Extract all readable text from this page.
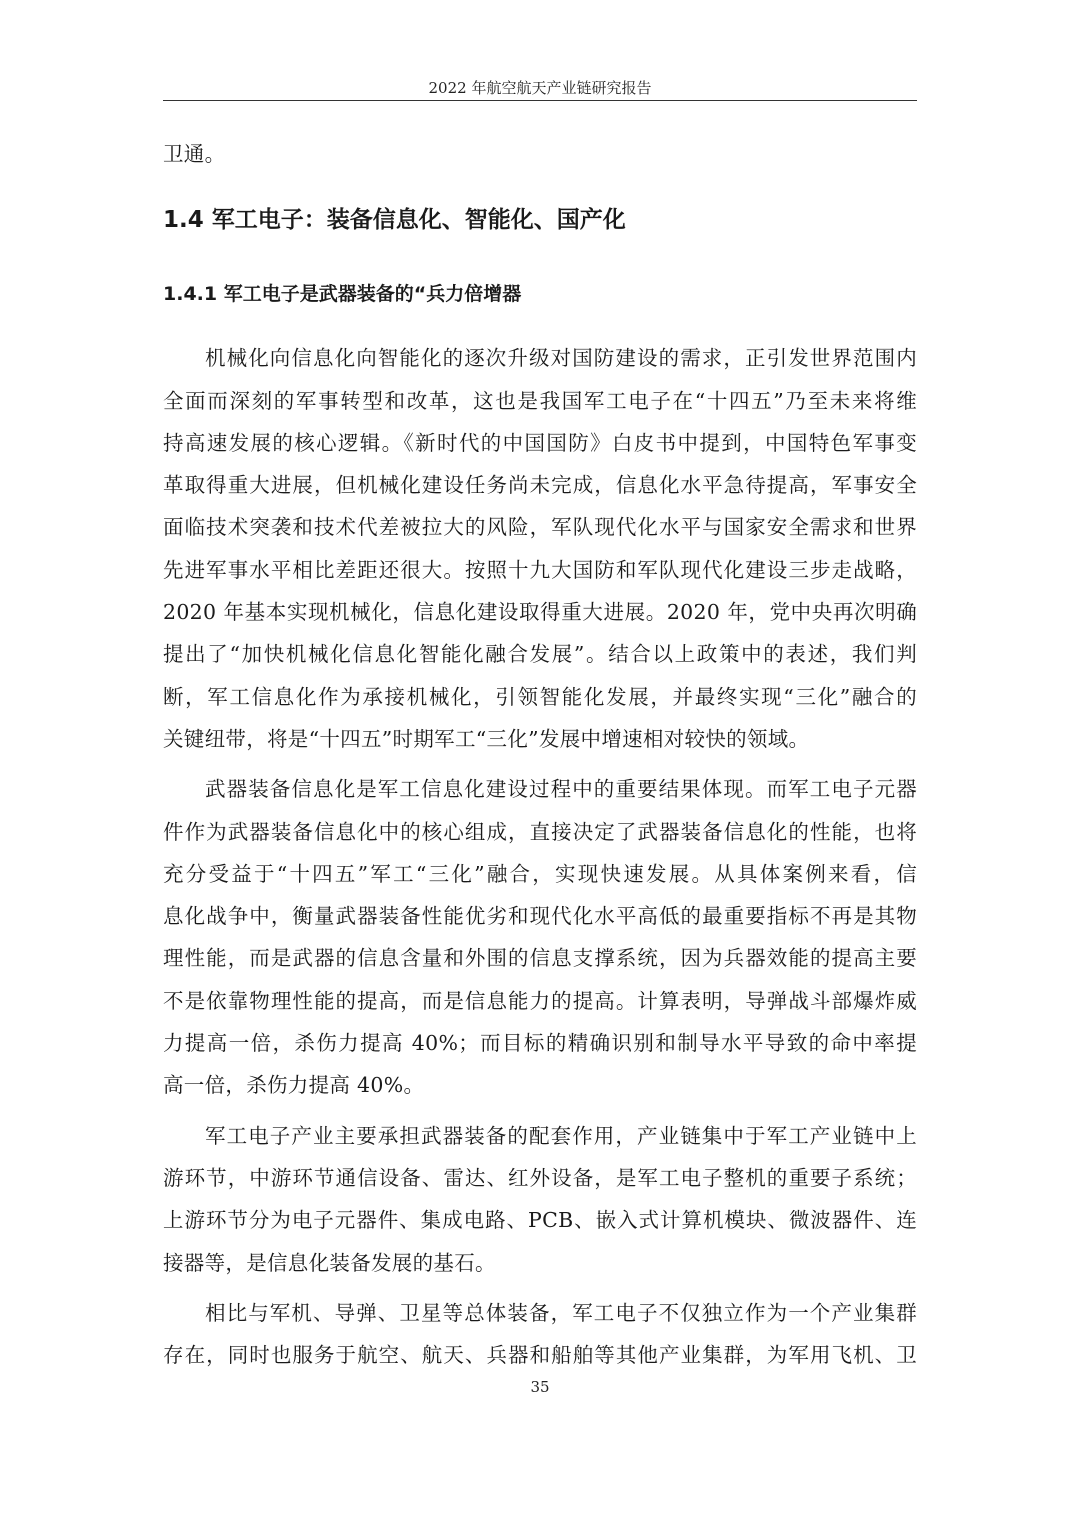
2022 年航空航天产业链研究报告
卫通。
1.4 军工电子：装备信息化、智能化、国产化
1.4.1 军工电子是武器装备的“兵力倍增器
机械化向信息化向智能化的逐次升级对国防建设的需求，正引发世界范围内
全面而深刻的军事转型和改革，这也是我国军工电子在“十四五”乃至未来将维
持高速发展的核心逻辑。《新时代的中国国防》白皮书中提到，中国特色军事变
革取得重大进展，但机械化建设任务尚未完成，信息化水平急待提高，军事安全
面临技术突袭和技术代差被拉大的风险，军队现代化水平与国家安全需求和世界
先进军事水平相比差距还很大。按照十九大国防和军队现代化建设三步走战略，
2020 年基本实现机械化，信息化建设取得重大进展。2020 年，党中央再次明确
提出了“加快机械化信息化智能化融合发展”。结合以上政策中的表述，我们判
断，军工信息化作为承接机械化，引领智能化发展，并最终实现“三化”融合的
关键纽带，将是“十四五”时期军工“三化”发展中增速相对较快的领域。
武器装备信息化是军工信息化建设过程中的重要结果体现。而军工电子元器
件作为武器装备信息化中的核心组成，直接决定了武器装备信息化的性能，也将
充分受益于“十四五”军工“三化”融合，实现快速发展。从具体案例来看，信
息化战争中，衡量武器装备性能优劣和现代化水平高低的最重要指标不再是其物
理性能，而是武器的信息含量和外围的信息支撑系统，因为兵器效能的提高主要
不是依靠物理性能的提高，而是信息能力的提高。计算表明，导弹战斗部爆炸威
力提高一倍，杀伤力提高 40%；而目标的精确识别和制导水平导致的命中率提
高一倍，杀伤力提高 40%。
军工电子产业主要承担武器装备的配套作用，产业链集中于军工产业链中上
游环节，中游环节通信设备、雷达、红外设备，是军工电子整机的重要子系统；
上游环节分为电子元器件、集成电路、PCB、嵌入式计算机模块、微波器件、连
接器等，是信息化装备发展的基石。
相比与军机、导弹、卫星等总体装备，军工电子不仅独立作为一个产业集群
存在，同时也服务于航空、航天、兵器和船舶等其他产业集群，为军用飞机、卫
35
